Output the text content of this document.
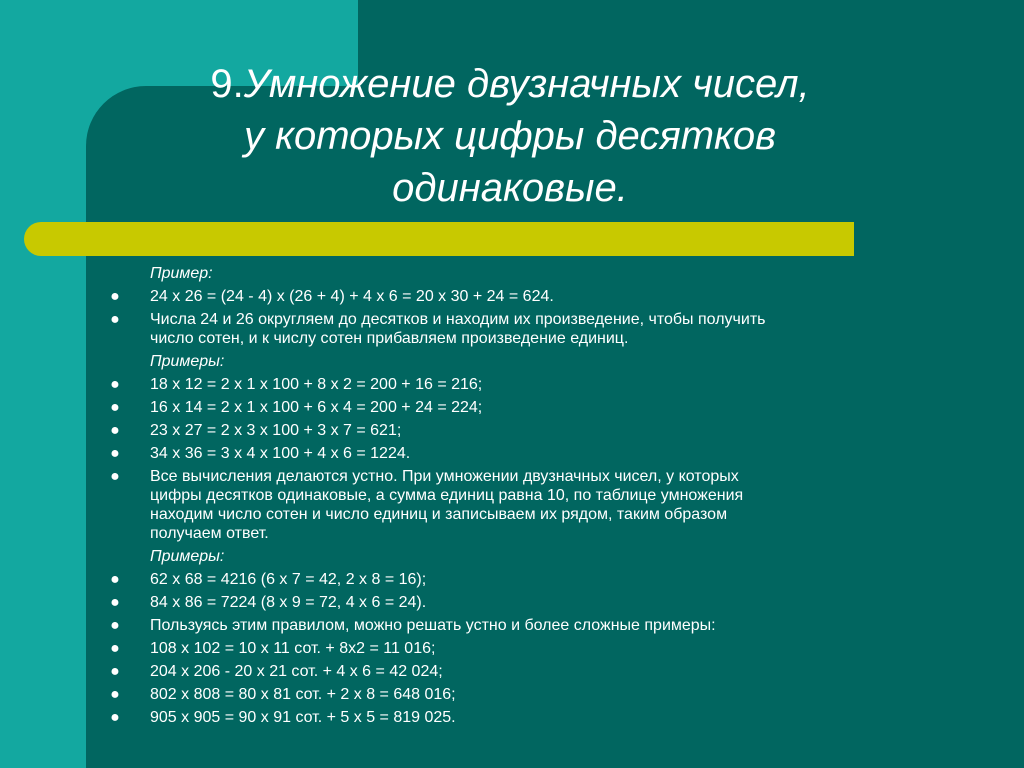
9.Умножение двузначных чисел,
у которых цифры десятков
одинаковые.
Пример:
● 24 х 26 = (24 - 4) х (26 + 4) + 4 х 6 = 20 х 30 + 24 = 624.
● Числа 24 и 26 округляем до десятков и находим их произведение, чтобы получить
число сотен, и к числу сотен прибавляем произведение единиц.
Примеры:
● 18 х 12 = 2 х 1 х 100 + 8 х 2 = 200 + 16 = 216;
● 16 х 14 = 2 х 1 х 100 + 6 х 4 = 200 + 24 = 224;
● 23 х 27 = 2 х 3 х 100 + 3 х 7 = 621;
● 34 х 36 = 3 х 4 х 100 + 4 х 6 = 1224.
● Все вычисления делаются устно. При умножении двузначных чисел, у которых
цифры десятков одинаковые, а сумма единиц равна 10, по таблице умножения
находим число сотен и число единиц и записываем их рядом, таким образом
получаем ответ.
Примеры:
● 62 х 68 = 4216 (6 х 7 = 42, 2 х 8 = 16);
● 84 х 86 = 7224 (8 х 9 = 72, 4 х 6 = 24).
● Пользуясь этим правилом, можно решать устно и более сложные примеры:
● 108 х 102 = 10 х 11 сот. + 8х2 = 11 016;
● 204 х 206 - 20 х 21 сот. + 4 х 6 = 42 024;
● 802 х 808 = 80 х 81 сот. + 2 х 8 = 648 016;
● 905 х 905 = 90 х 91 сот. + 5 х 5 = 819 025.
